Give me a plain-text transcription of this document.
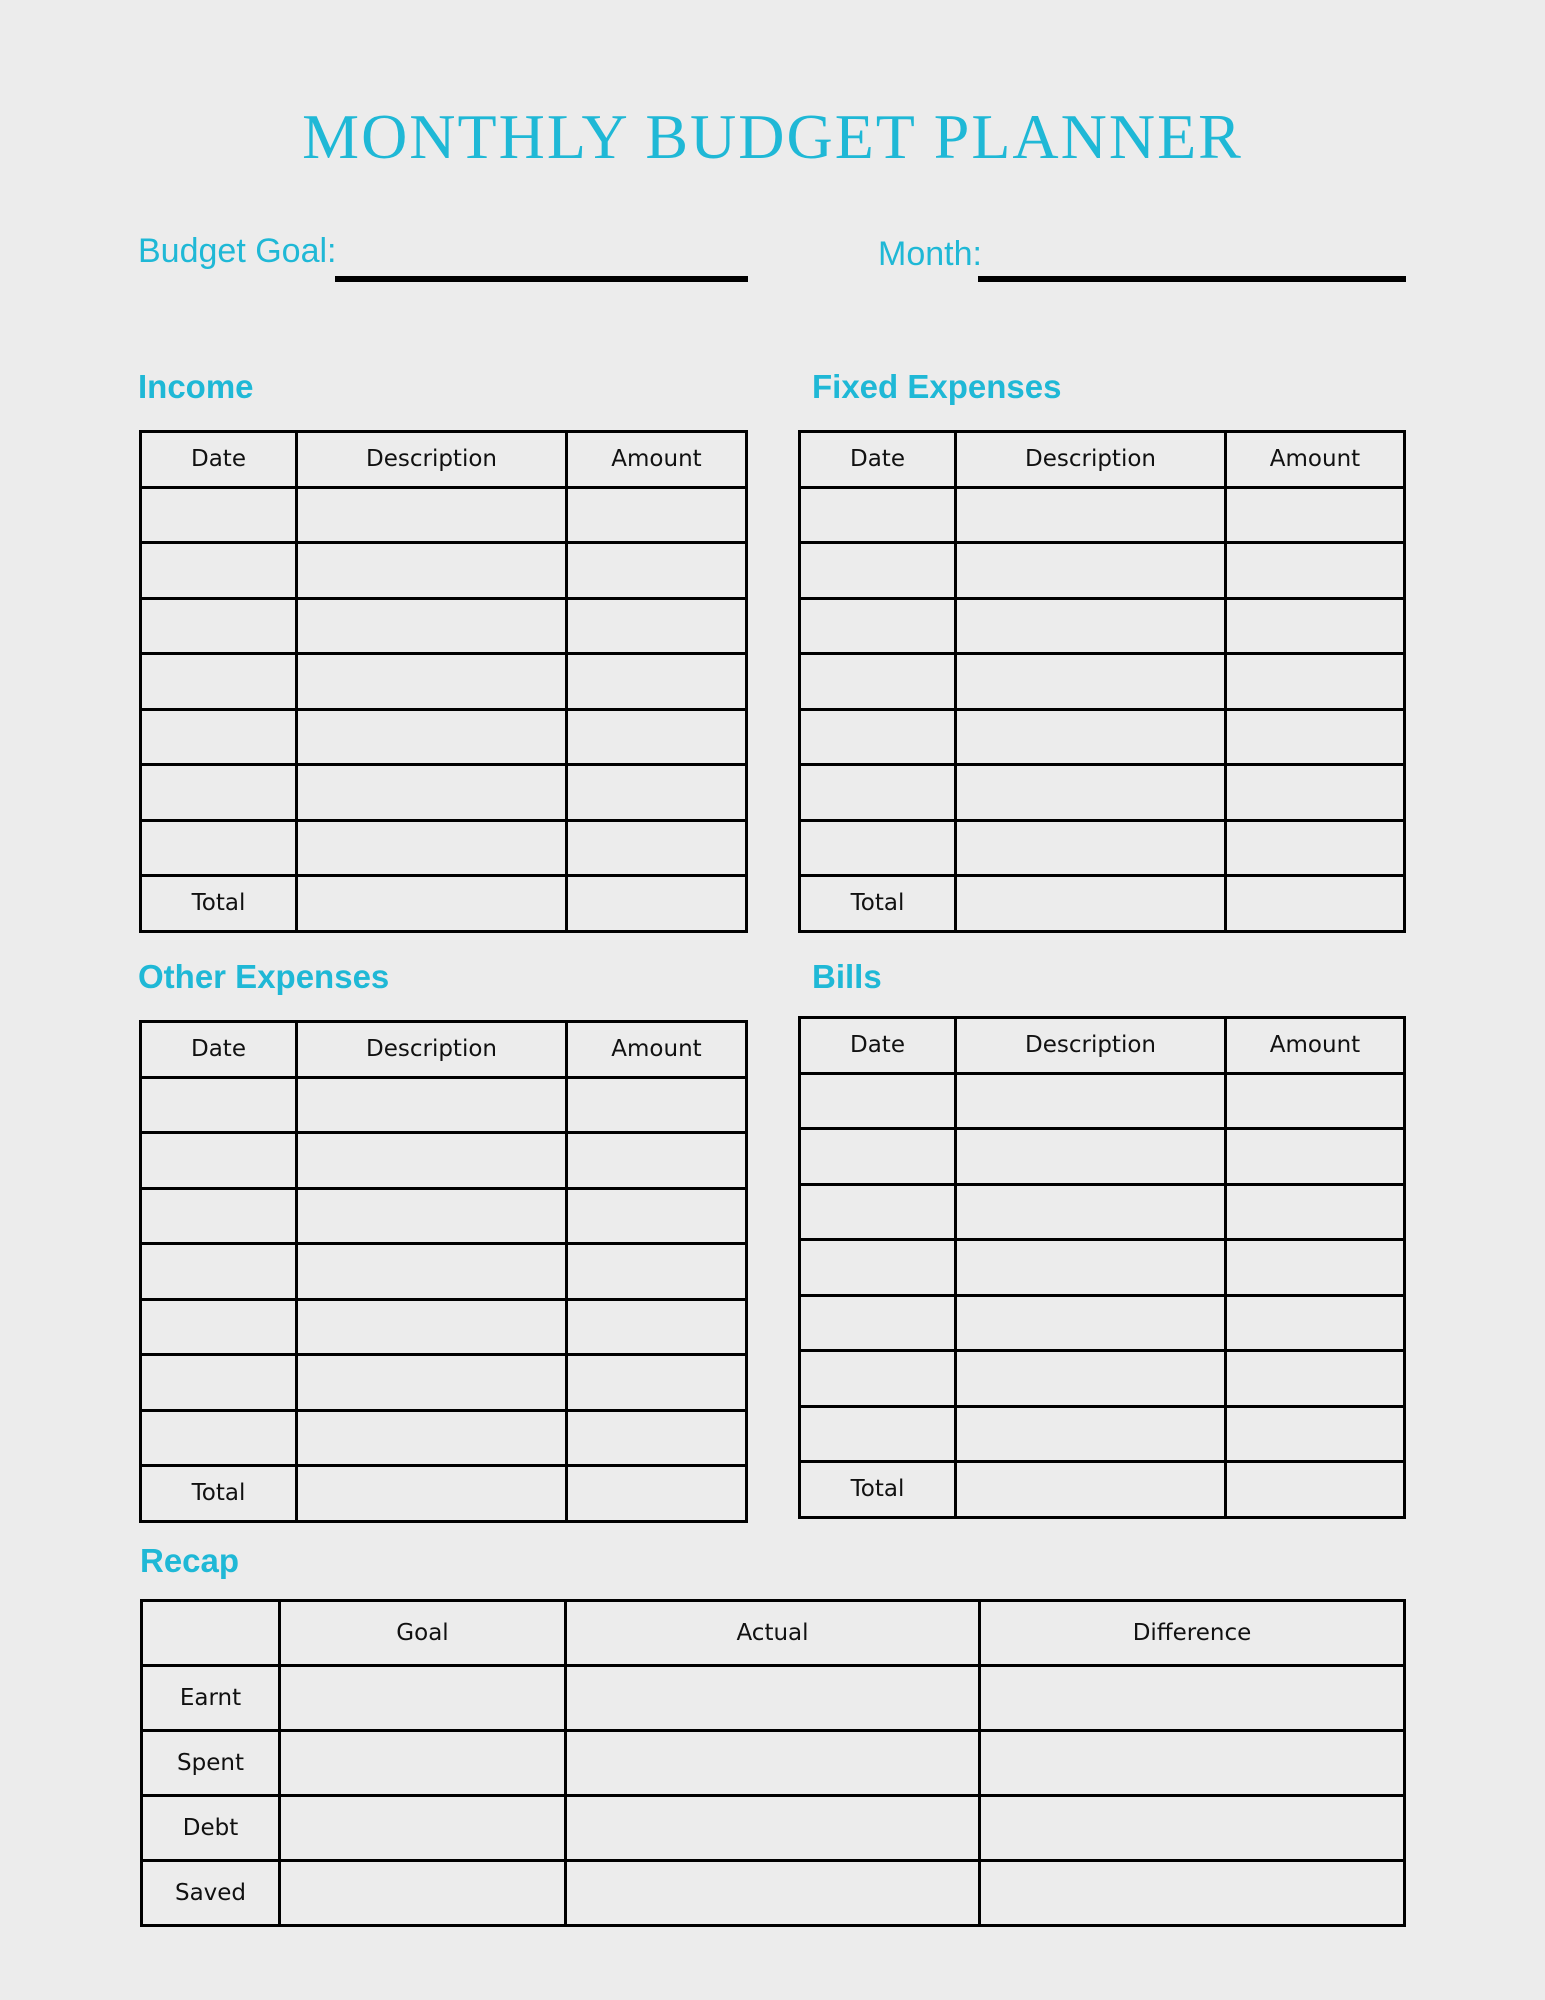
MONTHLY BUDGET PLANNER
Budget Goal:	Month:
Income	Fixed Expenses
Other Expenses	Bills
Recap
Date	Description	Amount

Total		
Date	Description	Amount

Total		
Date	Description	Amount

Total		
Date	Description	Amount

Total		
	Goal	Actual	Difference
Earnt			
Spent			
Debt			
Saved			
